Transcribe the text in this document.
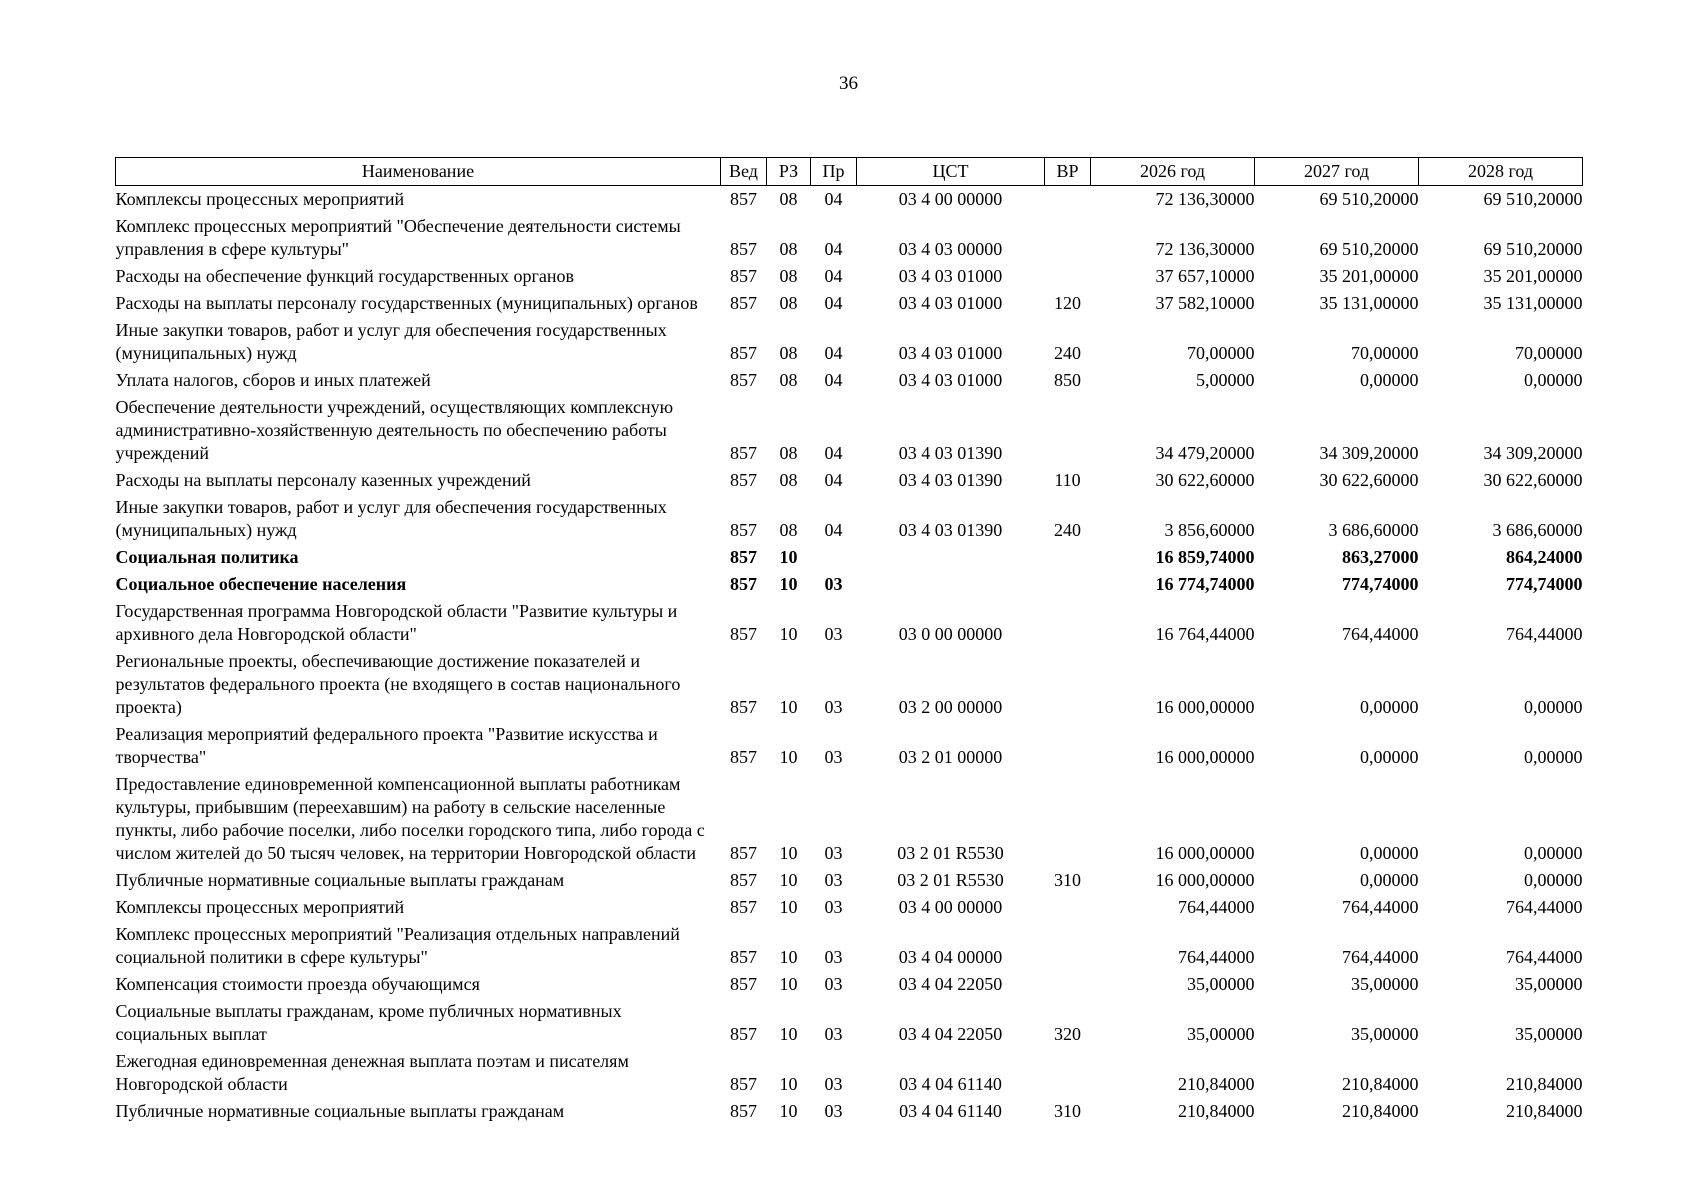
36
Наименование	Вед	РЗ	Пр	ЦСТ	ВР	2026 год	2027 год	2028 год
Комплексы процессных мероприятий	857	08	04	03 4 00 00000		72 136,30000	69 510,20000	69 510,20000
Комплекс процессных мероприятий "Обеспечение деятельности системы управления в сфере культуры"	857	08	04	03 4 03 00000		72 136,30000	69 510,20000	69 510,20000
Расходы на обеспечение функций государственных органов	857	08	04	03 4 03 01000		37 657,10000	35 201,00000	35 201,00000
Расходы на выплаты персоналу государственных (муниципальных) органов	857	08	04	03 4 03 01000	120	37 582,10000	35 131,00000	35 131,00000
Иные закупки товаров, работ и услуг для обеспечения государственных (муниципальных) нужд	857	08	04	03 4 03 01000	240	70,00000	70,00000	70,00000
Уплата налогов, сборов и иных платежей	857	08	04	03 4 03 01000	850	5,00000	0,00000	0,00000
Обеспечение деятельности учреждений, осуществляющих комплексную административно-хозяйственную деятельность по обеспечению работы учреждений	857	08	04	03 4 03 01390		34 479,20000	34 309,20000	34 309,20000
Расходы на выплаты персоналу казенных учреждений	857	08	04	03 4 03 01390	110	30 622,60000	30 622,60000	30 622,60000
Иные закупки товаров, работ и услуг для обеспечения государственных (муниципальных) нужд	857	08	04	03 4 03 01390	240	3 856,60000	3 686,60000	3 686,60000
Социальная политика	857	10				16 859,74000	863,27000	864,24000
Социальное обеспечение населения	857	10	03			16 774,74000	774,74000	774,74000
Государственная программа Новгородской области "Развитие культуры и архивного дела Новгородской области"	857	10	03	03 0 00 00000		16 764,44000	764,44000	764,44000
Региональные проекты, обеспечивающие достижение показателей и результатов федерального проекта (не входящего в состав национального проекта)	857	10	03	03 2 00 00000		16 000,00000	0,00000	0,00000
Реализация мероприятий федерального проекта "Развитие искусства и творчества"	857	10	03	03 2 01 00000		16 000,00000	0,00000	0,00000
Предоставление единовременной компенсационной выплаты работникам культуры, прибывшим (переехавшим) на работу в сельские населенные пункты, либо рабочие поселки, либо поселки городского типа, либо города с числом жителей до 50 тысяч человек, на территории Новгородской области	857	10	03	03 2 01 R5530		16 000,00000	0,00000	0,00000
Публичные нормативные социальные выплаты гражданам	857	10	03	03 2 01 R5530	310	16 000,00000	0,00000	0,00000
Комплексы процессных мероприятий	857	10	03	03 4 00 00000		764,44000	764,44000	764,44000
Комплекс процессных мероприятий "Реализация отдельных направлений социальной политики в сфере культуры"	857	10	03	03 4 04 00000		764,44000	764,44000	764,44000
Компенсация стоимости проезда обучающимся	857	10	03	03 4 04 22050		35,00000	35,00000	35,00000
Социальные выплаты гражданам, кроме публичных нормативных социальных выплат	857	10	03	03 4 04 22050	320	35,00000	35,00000	35,00000
Ежегодная единовременная денежная выплата поэтам и писателям Новгородской области	857	10	03	03 4 04 61140		210,84000	210,84000	210,84000
Публичные нормативные социальные выплаты гражданам	857	10	03	03 4 04 61140	310	210,84000	210,84000	210,84000
